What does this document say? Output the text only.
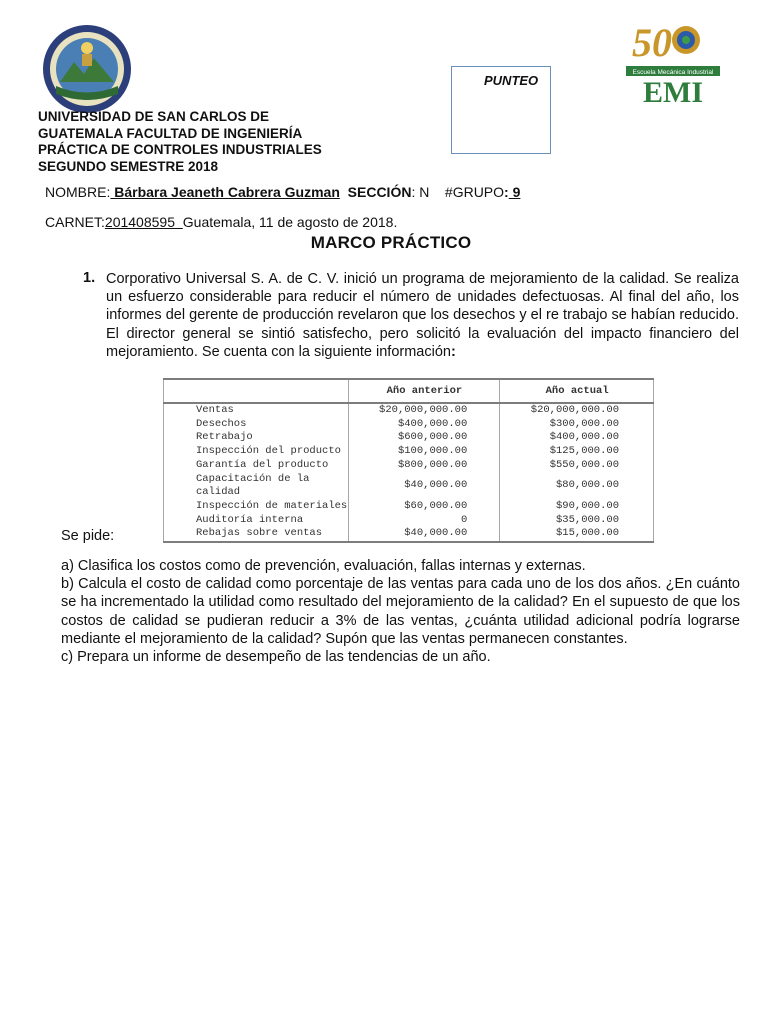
PUNTEO
50
Escuela Mecánica Industrial
EMI
UNIVERSIDAD DE SAN CARLOS DE
GUATEMALA FACULTAD DE INGENIERÍA
PRÁCTICA DE CONTROLES INDUSTRIALES
SEGUNDO SEMESTRE 2018
NOMBRE: Bárbara Jeaneth Cabrera Guzman SECCIÓN: N #GRUPO: 9
CARNET:201408595  Guatemala, 11 de agosto de 2018.
MARCO PRÁCTICO
1. Corporativo Universal S. A. de C. V. inició un programa de mejoramiento de la calidad. Se realiza un esfuerzo considerable para reducir el número de unidades defectuosas. Al final del año, los informes del gerente de producción revelaron que los desechos y el re trabajo se habían reducido. El director general se sintió satisfecho, pero solicitó la evaluación del impacto financiero del mejoramiento. Se cuenta con la siguiente información:
	Año anterior	Año actual
Ventas	$20,000,000.00	$20,000,000.00
Desechos	$400,000.00	$300,000.00
Retrabajo	$600,000.00	$400,000.00
Inspección del producto	$100,000.00	$125,000.00
Garantía del producto	$800,000.00	$550,000.00
Capacitación de la calidad	$40,000.00	$80,000.00
Inspección de materiales	$60,000.00	$90,000.00
Auditoría interna	0	$35,000.00
Rebajas sobre ventas	$40,000.00	$15,000.00
Se pide:

a) Clasifica los costos como de prevención, evaluación, fallas internas y externas.

b) Calcula el costo de calidad como porcentaje de las ventas para cada uno de los dos años. ¿En cuánto se ha incrementado la utilidad como resultado del mejoramiento de la calidad? En el supuesto de que los costos de calidad se pudieran reducir a 3% de las ventas, ¿cuánta utilidad adicional podría lograrse mediante el mejoramiento de la calidad? Supón que las ventas permanecen constantes.

c) Prepara un informe de desempeño de las tendencias de un año.
